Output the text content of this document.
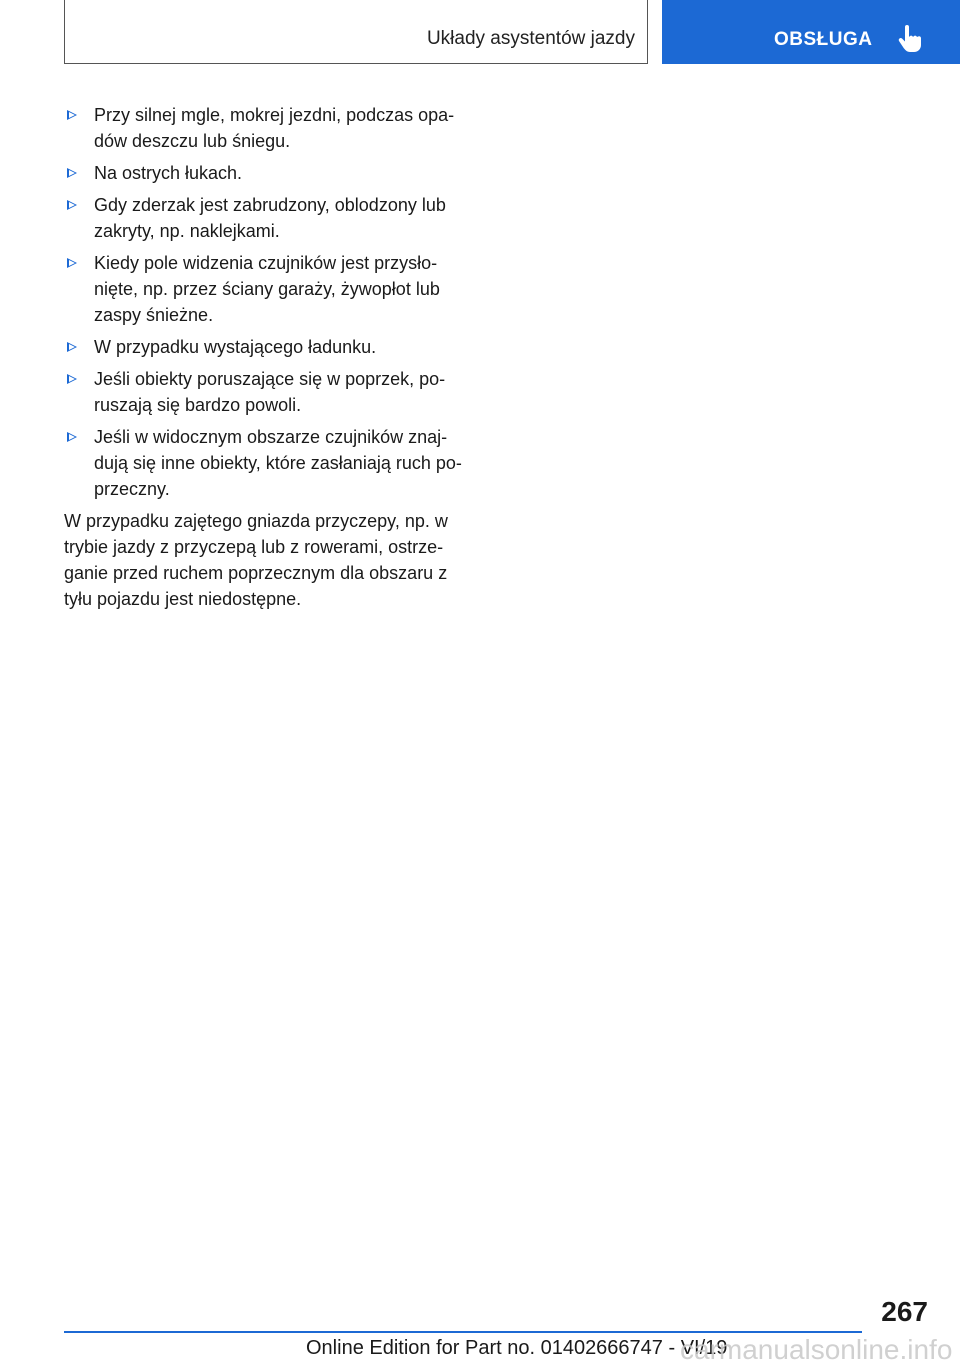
Układy asystentów jazdy	OBSŁUGA
Przy silnej mgle, mokrej jezdni, podczas opa-
dów deszczu lub śniegu.
Na ostrych łukach.
Gdy zderzak jest zabrudzony, oblodzony lub
zakryty, np. naklejkami.
Kiedy pole widzenia czujników jest przysło-
nięte, np. przez ściany garaży, żywopłot lub
zaspy śnieżne.
W przypadku wystającego ładunku.
Jeśli obiekty poruszające się w poprzek, po-
ruszają się bardzo powoli.
Jeśli w widocznym obszarze czujników znaj-
dują się inne obiekty, które zasłaniają ruch po-
przeczny.
W przypadku zajętego gniazda przyczepy, np. w
trybie jazdy z przyczepą lub z rowerami, ostrze-
ganie przed ruchem poprzecznym dla obszaru z
tyłu pojazdu jest niedostępne.
267
Online Edition for Part no. 01402666747 - VI/19
carmanualsonline.info
